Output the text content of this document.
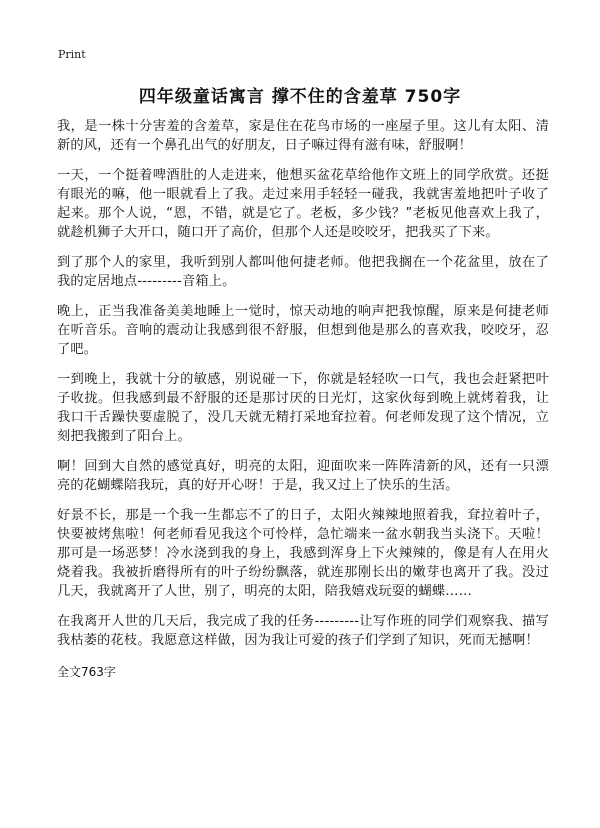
Print
四年级童话寓言 撑不住的含羞草 750字

我，是一株十分害羞的含羞草，家是住在花鸟市场的一座屋子里。这儿有太阳、清新的风，还有一个鼻孔出气的好朋友，日子嘛过得有滋有味，舒服啊！

一天，一个挺着啤酒肚的人走进来，他想买盆花草给他作文班上的同学欣赏。还挺有眼光的嘛，他一眼就看上了我。走过来用手轻轻一碰我，我就害羞地把叶子收了起来。那个人说，“恩，不错，就是它了。老板，多少钱？”老板见他喜欢上我了，就趁机狮子大开口，随口开了高价，但那个人还是咬咬牙，把我买了下来。

到了那个人的家里，我听到别人都叫他何捷老师。他把我搁在一个花盆里，放在了我的定居地点---------音箱上。

晚上，正当我准备美美地睡上一觉时，惊天动地的响声把我惊醒，原来是何捷老师在听音乐。音响的震动让我感到很不舒服，但想到他是那么的喜欢我，咬咬牙，忍了吧。

一到晚上，我就十分的敏感，别说碰一下，你就是轻轻吹一口气，我也会赶紧把叶子收拢。但我感到最不舒服的还是那讨厌的日光灯，这家伙每到晚上就烤着我，让我口干舌躁快要虚脱了，没几天就无精打采地耷拉着。何老师发现了这个情况，立刻把我搬到了阳台上。

啊！回到大自然的感觉真好，明亮的太阳，迎面吹来一阵阵清新的风，还有一只漂亮的花蝴蝶陪我玩，真的好开心呀！于是，我又过上了快乐的生活。

好景不长，那是一个我一生都忘不了的日子，太阳火辣辣地照着我，耷拉着叶子，快要被烤焦啦！何老师看见我这个可怜样，急忙端来一盆水朝我当头浇下。天啦！那可是一场恶梦！冷水浇到我的身上，我感到浑身上下火辣辣的，像是有人在用火烧着我。我被折磨得所有的叶子纷纷飘落，就连那刚长出的嫩芽也离开了我。没过几天，我就离开了人世，别了，明亮的太阳，陪我嬉戏玩耍的蝴蝶……

在我离开人世的几天后，我完成了我的任务---------让写作班的同学们观察我、描写我枯萎的花枝。我愿意这样做，因为我让可爱的孩子们学到了知识，死而无撼啊！

全文763字
